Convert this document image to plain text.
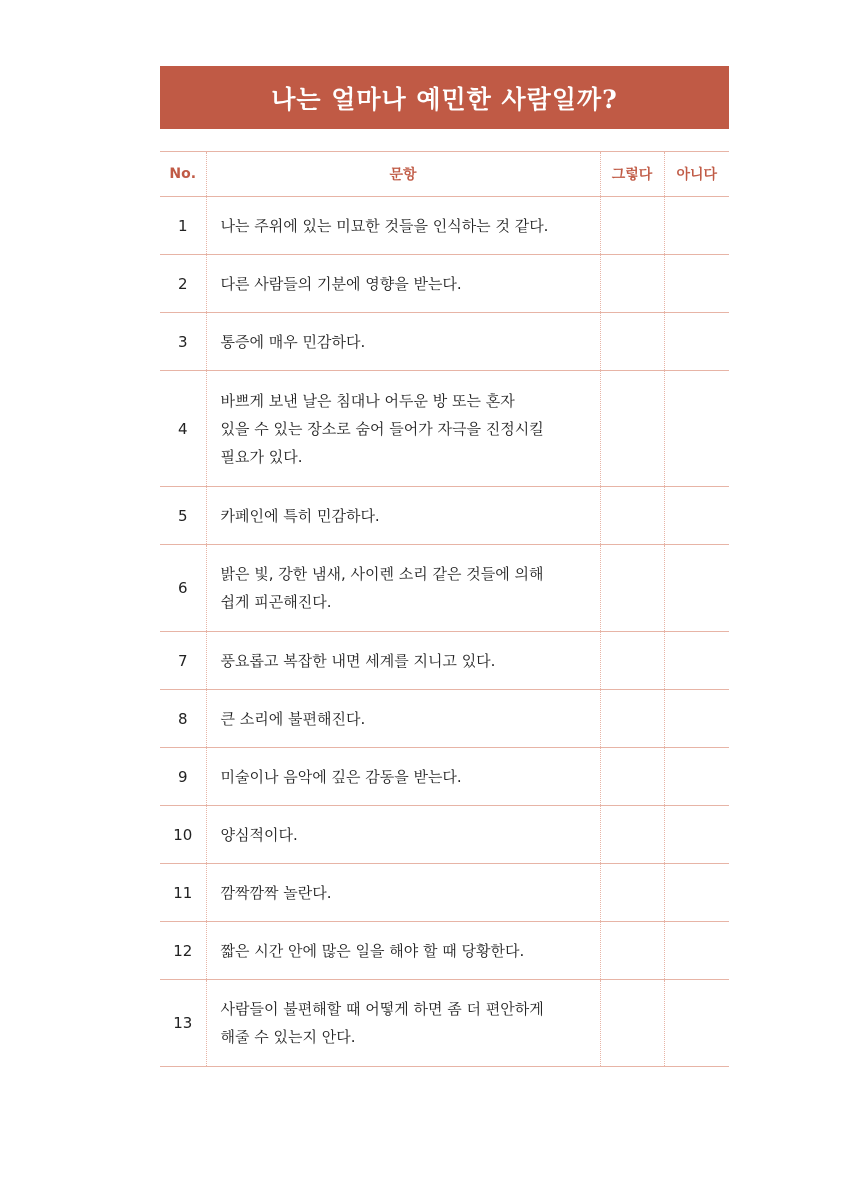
나는 얼마나 예민한 사람일까?
No.	문항	그렇다	아니다
1	나는 주위에 있는 미묘한 것들을 인식하는 것 같다.		

2	다른 사람들의 기분에 영향을 받는다.		

3	통증에 매우 민감하다.		

4	바쁘게 보낸 날은 침대나 어두운 방 또는 혼자
있을 수 있는 장소로 숨어 들어가 자극을 진정시킬
필요가 있다.		

5	카페인에 특히 민감하다.		

6	밝은 빛, 강한 냄새, 사이렌 소리 같은 것들에 의해
쉽게 피곤해진다.		

7	풍요롭고 복잡한 내면 세계를 지니고 있다.		

8	큰 소리에 불편해진다.		

9	미술이나 음악에 깊은 감동을 받는다.		

10	양심적이다.		

11	깜짝깜짝 놀란다.		

12	짧은 시간 안에 많은 일을 해야 할 때 당황한다.		

13	사람들이 불편해할 때 어떻게 하면 좀 더 편안하게
해줄 수 있는지 안다.		
